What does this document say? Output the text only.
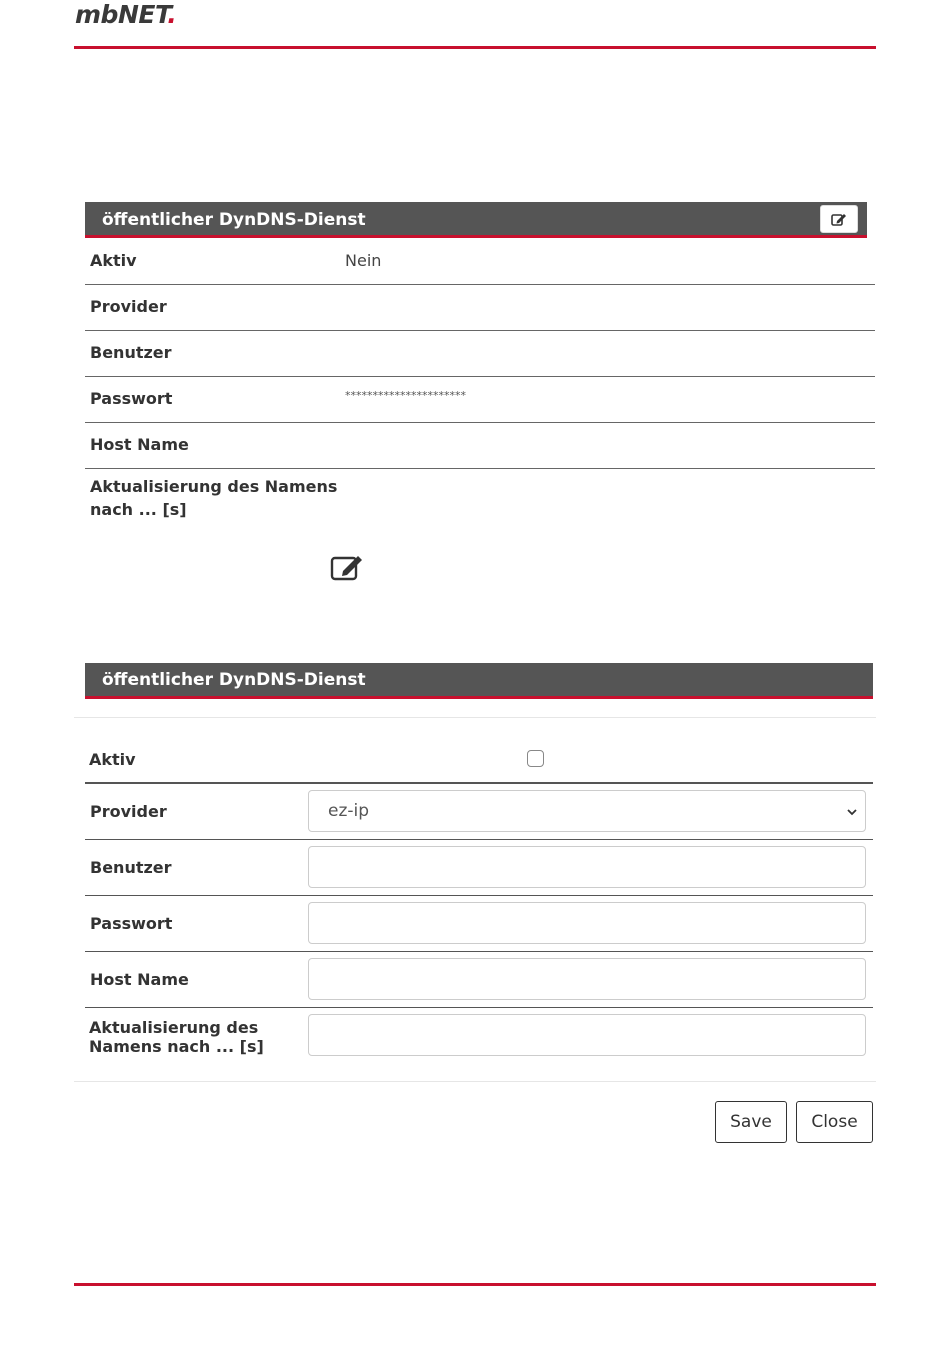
mbNET.
öffentlicher DynDNS-Dienst
Aktiv	Nein
Provider
Benutzer
Passwort	**********************
Host Name
Aktualisierung des Namens
nach ... [s]
öffentlicher DynDNS-Dienst
Aktiv
Provider	ez-ip
Benutzer
Passwort
Host Name
Aktualisierung des
Namens nach ... [s]
Save	Close
